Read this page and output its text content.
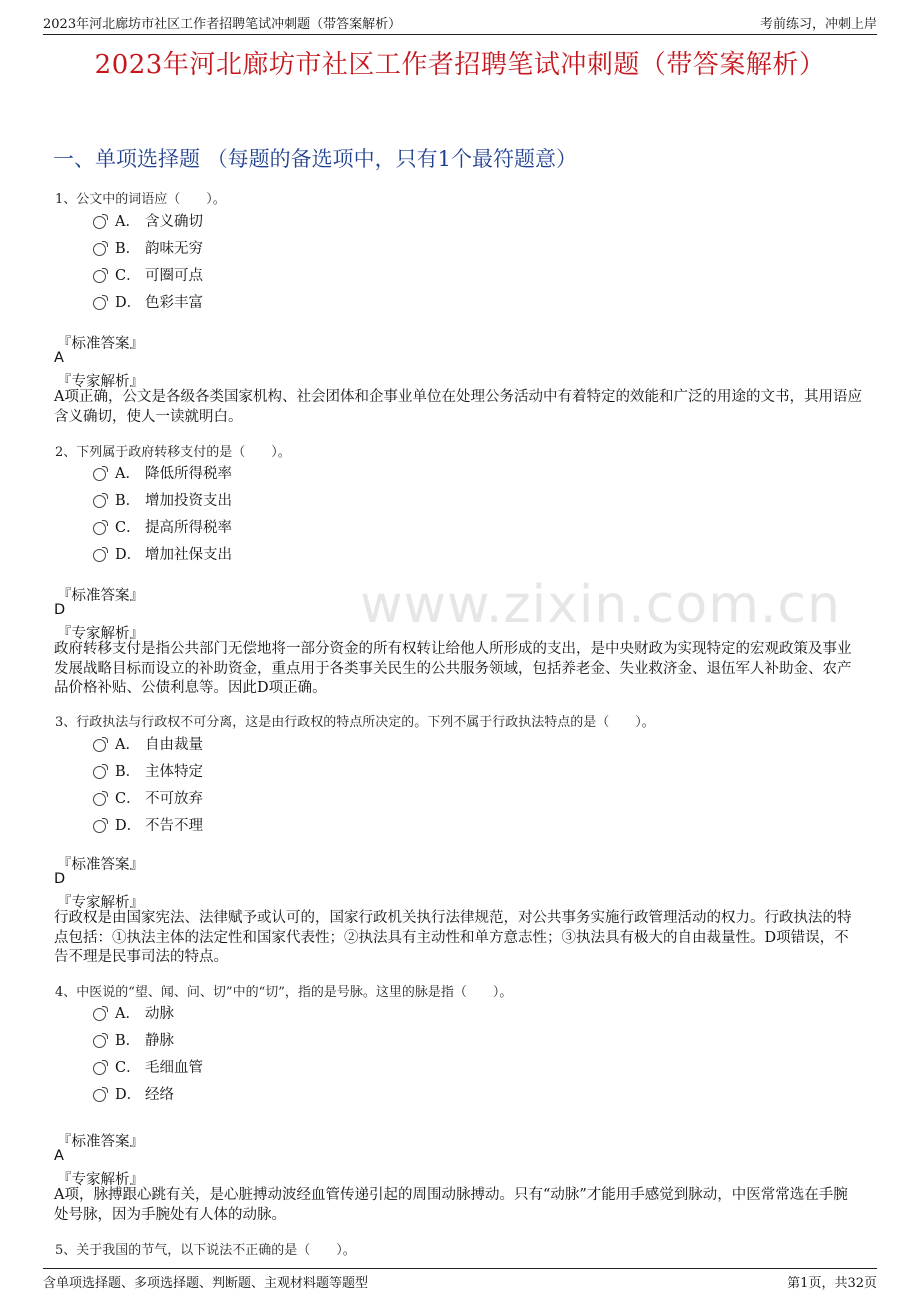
2023年河北廊坊市社区工作者招聘笔试冲刺题（带答案解析）	考前练习，冲刺上岸
www.zixin.com.cn
2023年河北廊坊市社区工作者招聘笔试冲刺题（带答案解析）
一、单项选择题 （每题的备选项中，只有1个最符题意）
1、公文中的词语应（　　）。
A． 含义确切
B． 韵味无穷
C． 可圈可点
D． 色彩丰富
『标准答案』
A
『专家解析』
A项正确，公文是各级各类国家机构、社会团体和企事业单位在处理公务活动中有着特定的效能和广泛的用途的文书，其用语应含义确切，使人一读就明白。
2、下列属于政府转移支付的是（　　）。
A． 降低所得税率
B． 增加投资支出
C． 提高所得税率
D． 增加社保支出
『标准答案』
D
『专家解析』
政府转移支付是指公共部门无偿地将一部分资金的所有权转让给他人所形成的支出，是中央财政为实现特定的宏观政策及事业发展战略目标而设立的补助资金，重点用于各类事关民生的公共服务领域，包括养老金、失业救济金、退伍军人补助金、农产品价格补贴、公债利息等。因此D项正确。
3、行政执法与行政权不可分离，这是由行政权的特点所决定的。下列不属于行政执法特点的是（　　）。
A． 自由裁量
B． 主体特定
C． 不可放弃
D． 不告不理
『标准答案』
D
『专家解析』
行政权是由国家宪法、法律赋予或认可的，国家行政机关执行法律规范，对公共事务实施行政管理活动的权力。行政执法的特点包括：①执法主体的法定性和国家代表性；②执法具有主动性和单方意志性；③执法具有极大的自由裁量性。D项错误，不告不理是民事司法的特点。
4、中医说的“望、闻、问、切”中的“切”，指的是号脉。这里的脉是指（　　）。
A． 动脉
B． 静脉
C． 毛细血管
D． 经络
『标准答案』
A
『专家解析』
A项，脉搏跟心跳有关，是心脏搏动波经血管传递引起的周围动脉搏动。只有“动脉”才能用手感觉到脉动，中医常常选在手腕处号脉，因为手腕处有人体的动脉。
5、关于我国的节气，以下说法不正确的是（　　）。
含单项选择题、多项选择题、判断题、主观材料题等题型	第1页，共32页
